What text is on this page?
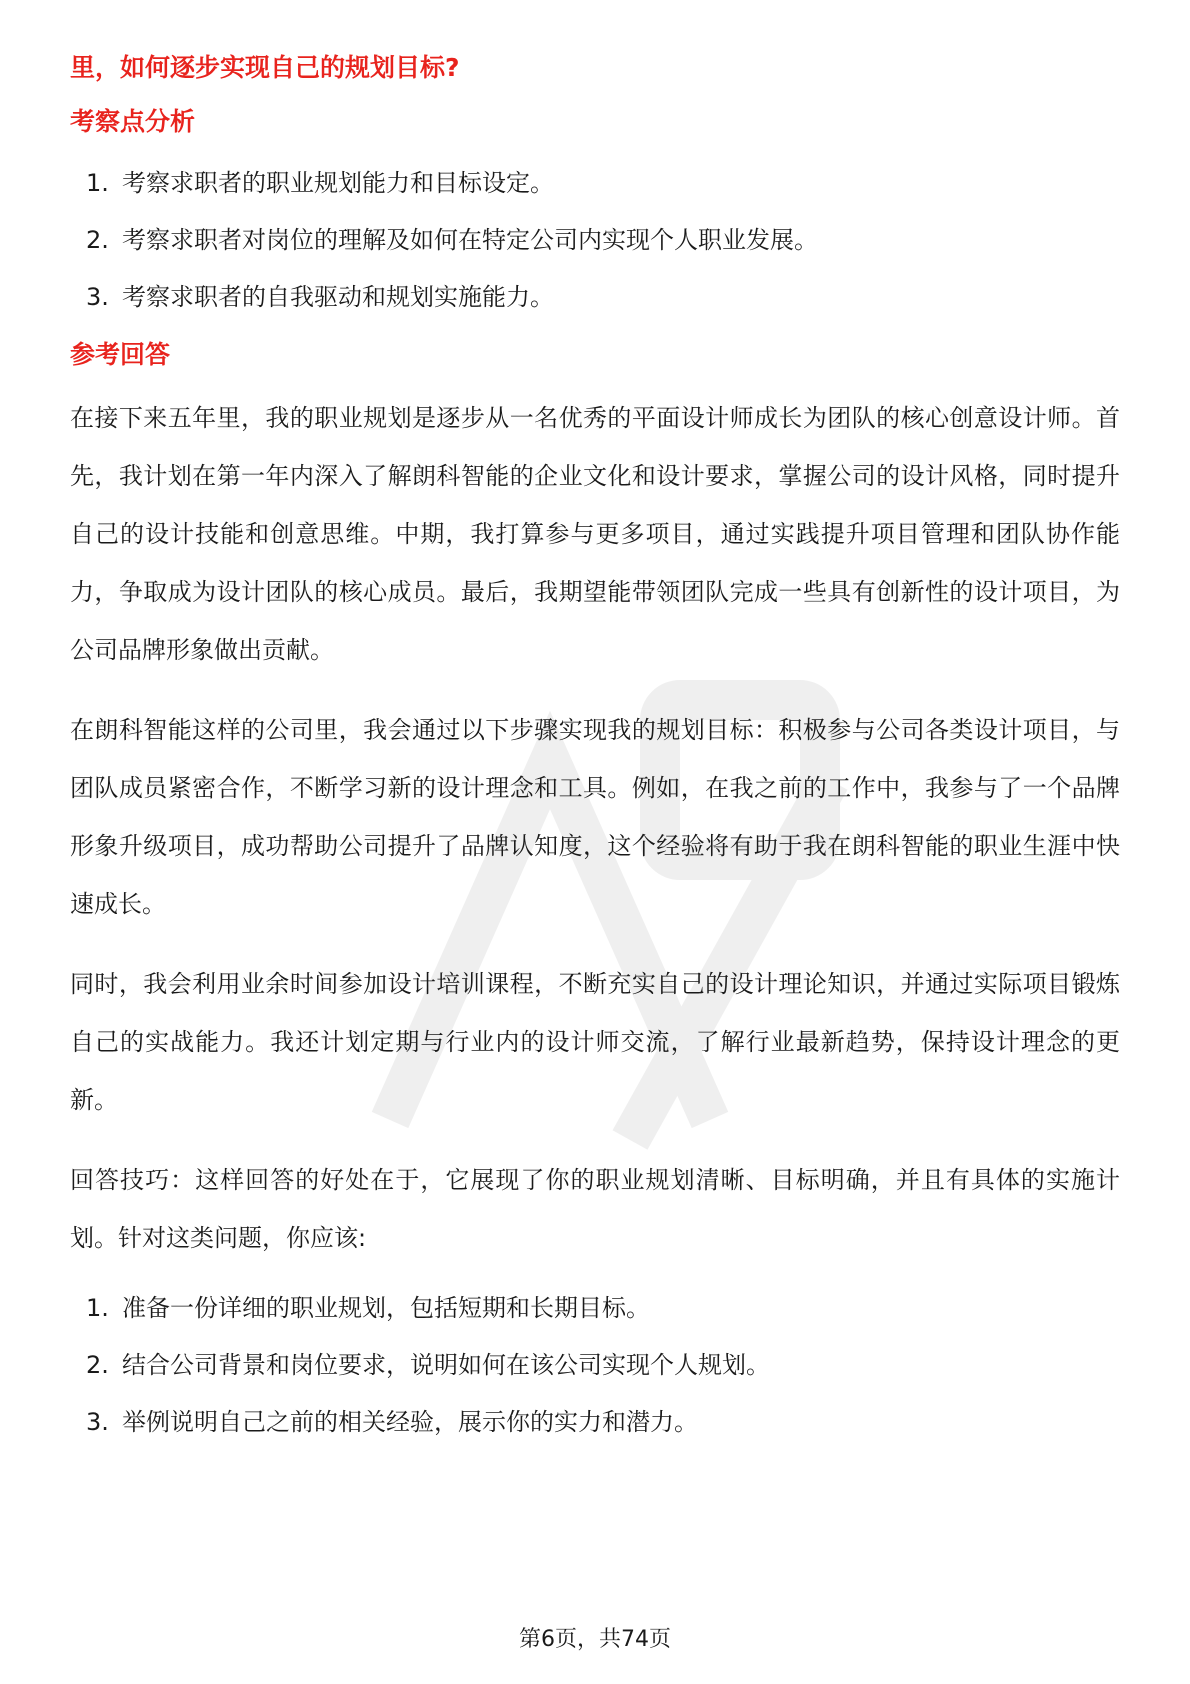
里，如何逐步实现自己的规划目标?

考察点分析
1. 考察求职者的职业规划能力和目标设定。
2. 考察求职者对岗位的理解及如何在特定公司内实现个人职业发展。
3. 考察求职者的自我驱动和规划实施能力。
参考回答

在接下来五年里，我的职业规划是逐步从一名优秀的平面设计师成长为团队的核心创意设计师。首先，我计划在第一年内深入了解朗科智能的企业文化和设计要求，掌握公司的设计风格，同时提升自己的设计技能和创意思维。中期，我打算参与更多项目，通过实践提升项目管理和团队协作能力，争取成为设计团队的核心成员。最后，我期望能带领团队完成一些具有创新性的设计项目，为公司品牌形象做出贡献。

在朗科智能这样的公司里，我会通过以下步骤实现我的规划目标：积极参与公司各类设计项目，与团队成员紧密合作，不断学习新的设计理念和工具。例如，在我之前的工作中，我参与了一个品牌形象升级项目，成功帮助公司提升了品牌认知度，这个经验将有助于我在朗科智能的职业生涯中快速成长。

同时，我会利用业余时间参加设计培训课程，不断充实自己的设计理论知识，并通过实际项目锻炼自己的实战能力。我还计划定期与行业内的设计师交流，了解行业最新趋势，保持设计理念的更新。

回答技巧：这样回答的好处在于，它展现了你的职业规划清晰、目标明确，并且有具体的实施计划。针对这类问题，你应该:

1. 准备一份详细的职业规划，包括短期和长期目标。
2. 结合公司背景和岗位要求，说明如何在该公司实现个人规划。
3. 举例说明自己之前的相关经验，展示你的实力和潜力。
第6页，共74页
